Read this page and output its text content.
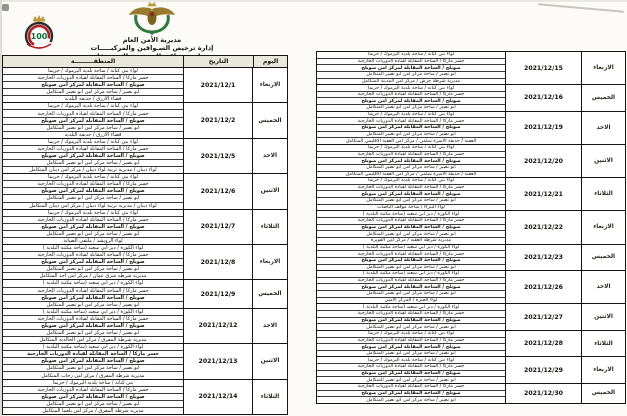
100	مديرية الأمن العام
إدارة ترخيص السـواقين والمركبـــــات
المنطقـــــــــة	التاريخ	اليوم
لواء بني كنانة / ساحة بلدية اليرموك / حريما
جسر ماركا / الساحة المقابلة لقيادة الدوريات الخارجية
صويلح / الساحة المقابلة لمركز امن صويلح
ابو نصير / ساحة مركز امن ابو نصير المتكامل
قضاء الازرق / حديقة البلدية
2021/12/1	الاربعاء
لواء بني كنانة / ساحة بلدية اليرموك / حريما
جسر ماركا / الساحة المقابلة لقيادة الدوريات الخارجية
صويلح / الساحة المقابلة لمركز امن صويلح
ابو نصير / ساحة مركز امن ابو نصير المتكامل
قضاء الازرق / حديقة البلدية
2021/12/2	الخميس
لواء بني كنانة / ساحة بلدية اليرموك / حريما
جسر ماركا / الساحة المقابلة لقيادة الدوريات الخارجية
صويلح / الساحة المقابلة لمركز امن صويلح
ابو نصير / ساحة مركز امن ابو نصير المتكامل
لواء ذيبان / مديرية تربية لواء ذيبان / مركز امن ذيبان المتكامل
2021/12/5	الاحد
لواء بني كنانة / ساحة بلدية اليرموك / حريما
جسر ماركا / الساحة المقابلة لقيادة الدوريات الخارجية
صويلح / الساحة المقابلة لمركز امن صويلح
ابو نصير / ساحة مركز امن ابو نصير المتكامل
لواء ذيبان / مديرية تربية لواء ذيبان / مركز امن ذيبان المتكامل
2021/12/6	الاثنين
لواء بني كنانة / ساحة بلدية اليرموك / حريما
جسر ماركا / الساحة المقابلة لقيادة الدوريات الخارجية
صويلح / الساحة المقابلة لمركز امن صويلح
ابو نصير / ساحة مركز امن ابو نصير المتكامل
لواء الرويشد / ملتقى الصيانة
2021/12/7	الثلاثاء
لواء الكورة / دير ابي سعيد (ساحة مكتبة البلدية )
جسر ماركا / الساحة المقابلة لقيادة الدوريات الخارجية
صويلح / الساحة المقابلة لمركز امن صويلح
ابو نصير / ساحة مركز امن ابو نصير المتكامل
مديرية شرطة شرق عمان / مركز امن احد المتكامل
2021/12/8	الاربعاء
لواء الكورة / دير ابي سعيد (ساحة مكتبة البلدية )
جسر ماركا / الساحة المقابلة لقيادة الدوريات الخارجية
صويلح / الساحة المقابلة لمركز امن صويلح
ابو نصير / ساحة مركز امن ابو نصير المتكامل
2021/12/9	الخميس
لواء الكورة / دير ابي سعيد (ساحة مكتبة البلدية )
جسر ماركا / الساحة المقابلة لقيادة الدوريات الخارجية
صويلح / الساحة المقابلة لمركز امن صويلح
ابو نصير / ساحة مركز امن ابو نصير المتكامل
مديرية شرطة المفرق / مركز امن الخالدية المتكامل
2021/12/12	الاحد
لواء الكورة / دير ابي سعيد (ساحة مكتبة البلدية )
جسر ماركا / الساحة المقابلة لقيادة الدوريات الخارجية
صويلح / الساحة المقابلة لمركز امن صويلح
ابو نصير / ساحة مركز امن ابو نصير المتكامل
مديرية شرطة المفرق / مركز امن رحاب المتكامل
2021/12/13	الاثنين
بني كنانة / ساحة بلدية اليرموك / حريما
جسر ماركا / الساحة المقابلة لقيادة الدوريات الخارجية
صويلح / الساحة المقابلة لمركز امن صويلح
ابو نصير / ساحة مركز امن ابو نصير المتكامل
مديرية شرطة المفرق / مركز امن بلعما المتكامل
2021/12/14	الثلاثاء
لواء بني كنانة / ساحة بلدية اليرموك / حريما
جسر ماركا / الساحة المقابلة لقيادة الدوريات الخارجية
صويلح / الساحة المقابلة لمركز امن صويلح
ابو نصير / ساحة مركز امن ابو نصير المتكامل
مديرية شرطة جرش / مركز امن المدينة المتكامل
2021/12/15	الاربعاء
لواء بني كنانة / ساحة بلدية اليرموك / حريما
جسر ماركا / الساحة المقابلة لقيادة الدوريات الخارجية
صويلح / الساحة المقابلة لمركز امن صويلح
ابو نصير / ساحة مركز امن ابو نصير المتكامل
2021/12/16	الخميس
لواء بني كنانة / ساحة بلدية اليرموك / حريما
جسر ماركا / الساحة المقابلة لقيادة الدوريات الخارجية
صويلح / الساحة المقابلة لمركز امن صويلح
ابو نصير / ساحة مركز امن ابو نصير المتكامل
العقبة / حديقة الاميرة سلمى / مركز امن العقبة الاقليمي المتكامل
2021/12/19	الاحد
لواء بني كنانة / ساحة بلدية اليرموك / حريما
جسر ماركا / الساحة المقابلة لقيادة الدوريات الخارجية
صويلح / الساحة المقابلة لمركز امن صويلح
ابو نصير / ساحة مركز امن ابو نصير المتكامل
العقبة / حديقة الاميرة سلمى / مركز امن العقبة الاقليمي المتكامل
2021/12/20	الاثنين
لواء بني كنانة / ساحة بلدية اليرموك / حريما
جسر ماركا / الساحة المقابلة لقيادة الدوريات الخارجية
صويلح / الساحة المقابلة لمركز امن صويلح
ابو نصير / ساحة مركز امن ابو نصير المتكامل
لواء البتراء / ساحة موقف الباصات
2021/12/21	الثلاثاء
لواء الكورة / دير ابي سعيد (ساحة مكتبة البلدية )
جسر ماركا / الساحة المقابلة لقيادة الدوريات الخارجية
صويلح / الساحة المقابلة لمركز امن صويلح
ابو نصير / ساحة مركز امن ابو نصير المتكامل
مديرية شرطة العقبة / مركز امن القويرة
2021/12/22	الاربعاء
لواء الكورة / دير ابي سعيد (ساحة مكتبة البلدية )
جسر ماركا / الساحة المقابلة لقيادة الدوريات الخارجية
صويلح / الساحة المقابلة لمركز امن صويلح
ابو نصير / ساحة مركز امن ابو نصير المتكامل
2021/12/23	الخميس
لواء الكورة / دير ابي سعيد (ساحة مكتبة البلدية )
جسر ماركا / الساحة المقابلة لقيادة الدوريات الخارجية
صويلح / الساحة المقابلة لمركز امن صويلح
ابو نصير / ساحة مركز امن ابو نصير المتكامل
لواء الجيزة / المركز الامني
2021/12/26	الاحد
لواء الكورة / دير ابي سعيد (ساحة مكتبة البلدية )
جسر ماركا / الساحة المقابلة لقيادة الدوريات الخارجية
صويلح / الساحة المقابلة لمركز امن صويلح
ابو نصير / ساحة مركز امن ابو نصير المتكامل
2021/12/27	الاثنين
لواء بني كنانة / ساحة بلدية اليرموك / حريما
جسر ماركا / الساحة المقابلة لقيادة الدوريات الخارجية
صويلح / الساحة المقابلة لمركز امن صويلح
ابو نصير / ساحة مركز امن ابو نصير المتكامل
2021/12/28	الثلاثاء
لواء بني كنانة / ساحة بلدية اليرموك / حريما
جسر ماركا / الساحة المقابلة لقيادة الدوريات الخارجية
صويلح / الساحة المقابلة لمركز امن صويلح
ابو نصير / ساحة مركز امن ابو نصير المتكامل
2021/12/29	الاربعاء
جسر ماركا / الساحة المقابلة لقيادة الدوريات الخارجية
صويلح / الساحة المقابلة لمركز امن صويلح
ابو نصير / ساحة مركز امن ابو نصير المتكامل
2021/12/30	الخميس
